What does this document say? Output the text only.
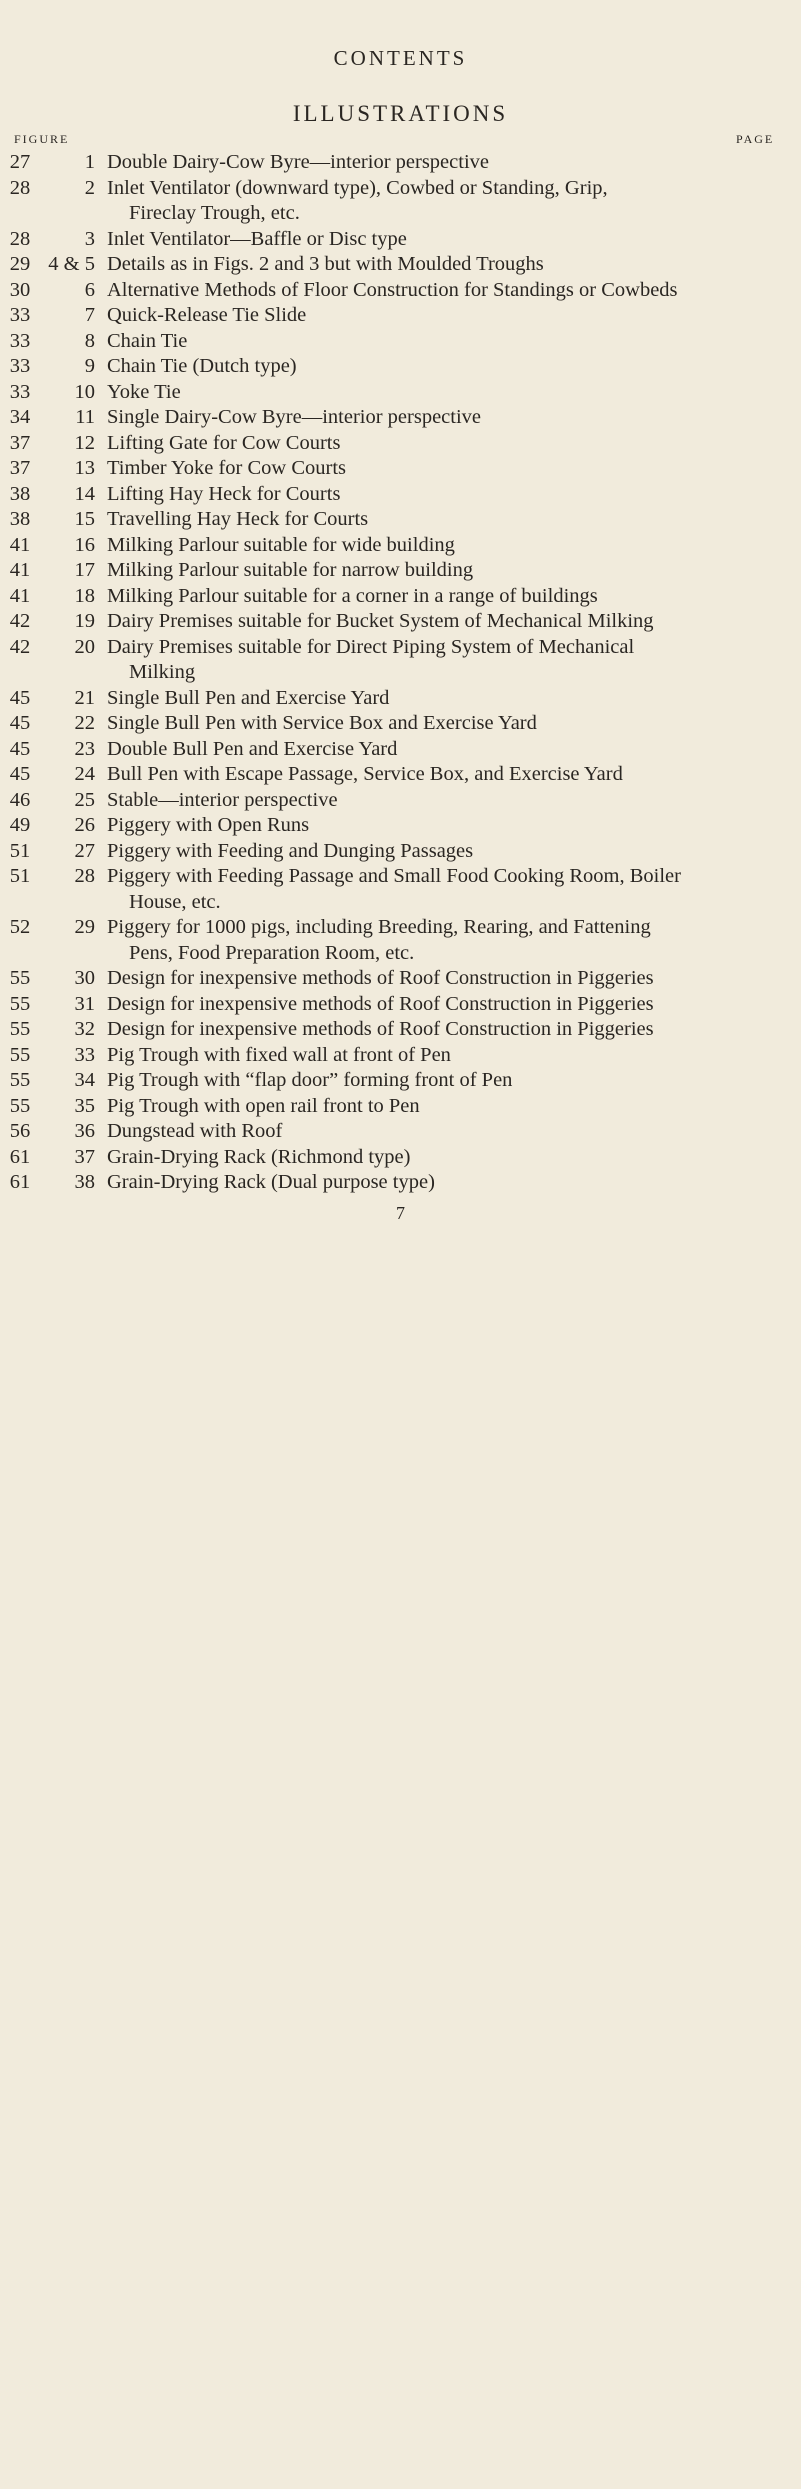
CONTENTS
ILLUSTRATIONS
FIGURE	PAGE
1 Double Dairy-Cow Byre—interior perspective
27
2 Inlet Ventilator (downward type), Cowbed or Standing, Grip,
Fireclay Trough, etc.
28
3 Inlet Ventilator—Baffle or Disc type
28
4 & 5 Details as in Figs. 2 and 3 but with Moulded Troughs
29
6 Alternative Methods of Floor Construction for Standings or Cowbeds
30
7 Quick-Release Tie Slide
33
8 Chain Tie
33
9 Chain Tie (Dutch type)
33
10 Yoke Tie
33
11 Single Dairy-Cow Byre—interior perspective
34
12 Lifting Gate for Cow Courts
37
13 Timber Yoke for Cow Courts
37
14 Lifting Hay Heck for Courts
38
15 Travelling Hay Heck for Courts
38
16 Milking Parlour suitable for wide building
41
17 Milking Parlour suitable for narrow building
41
18 Milking Parlour suitable for a corner in a range of buildings
41
19 Dairy Premises suitable for Bucket System of Mechanical Milking
42
20 Dairy Premises suitable for Direct Piping System of Mechanical
Milking
42
21 Single Bull Pen and Exercise Yard
45
22 Single Bull Pen with Service Box and Exercise Yard
45
23 Double Bull Pen and Exercise Yard
45
24 Bull Pen with Escape Passage, Service Box, and Exercise Yard
45
25 Stable—interior perspective
46
26 Piggery with Open Runs
49
27 Piggery with Feeding and Dunging Passages
51
28 Piggery with Feeding Passage and Small Food Cooking Room, Boiler
House, etc.
51
29 Piggery for 1000 pigs, including Breeding, Rearing, and Fattening
Pens, Food Preparation Room, etc.
52
30 Design for inexpensive methods of Roof Construction in Piggeries
55
31 Design for inexpensive methods of Roof Construction in Piggeries
55
32 Design for inexpensive methods of Roof Construction in Piggeries
55
33 Pig Trough with fixed wall at front of Pen
55
34 Pig Trough with “flap door” forming front of Pen
55
35 Pig Trough with open rail front to Pen
55
36 Dungstead with Roof
56
37 Grain-Drying Rack (Richmond type)
61
38 Grain-Drying Rack (Dual purpose type)
61
7
